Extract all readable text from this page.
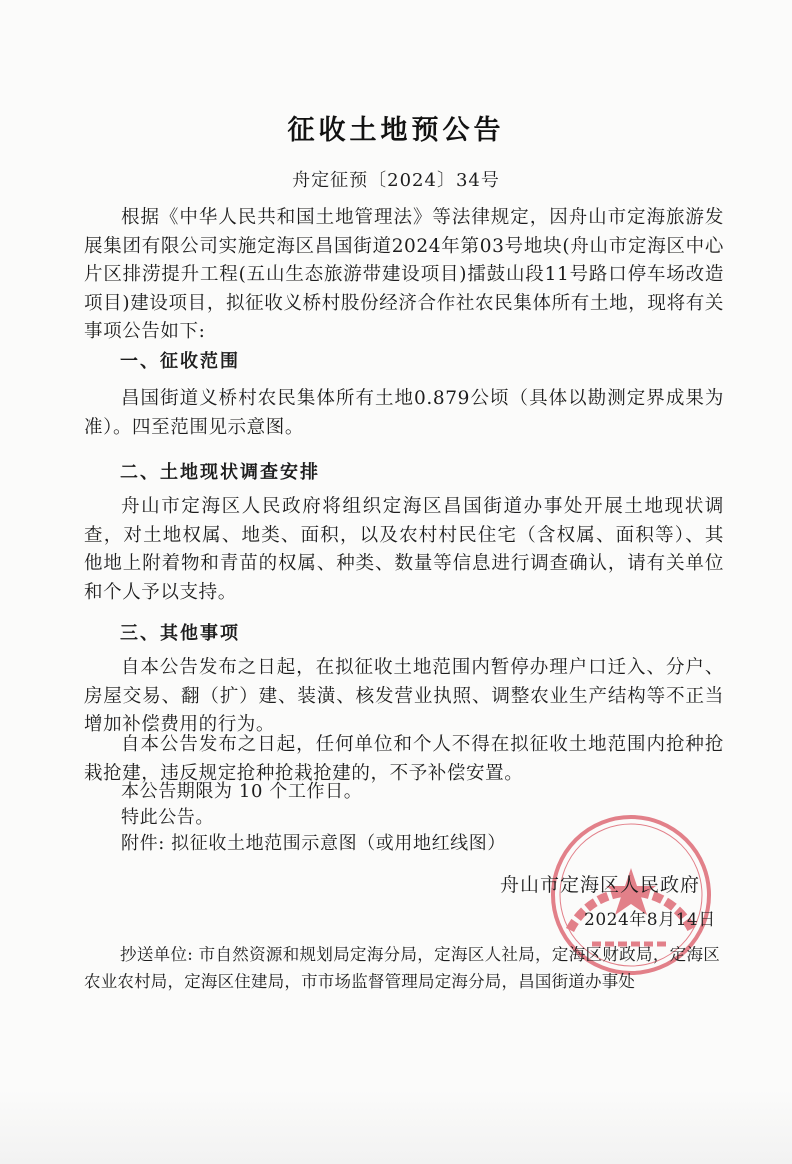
征收土地预公告
舟定征预〔2024〕34号
根据《中华人民共和国土地管理法》等法律规定，因舟山市定海旅游发展集团有限公司实施定海区昌国街道2024年第03号地块(舟山市定海区中心片区排涝提升工程(五山生态旅游带建设项目)擂鼓山段11号路口停车场改造项目)建设项目，拟征收义桥村股份经济合作社农民集体所有土地，现将有关事项公告如下:
一、征收范围
昌国街道义桥村农民集体所有土地0.879公顷（具体以勘测定界成果为准）。四至范围见示意图。
二、土地现状调查安排
舟山市定海区人民政府将组织定海区昌国街道办事处开展土地现状调查，对土地权属、地类、面积，以及农村村民住宅（含权属、面积等）、其他地上附着物和青苗的权属、种类、数量等信息进行调查确认，请有关单位和个人予以支持。
三、其他事项
自本公告发布之日起，在拟征收土地范围内暂停办理户口迁入、分户、房屋交易、翻（扩）建、装潢、核发营业执照、调整农业生产结构等不正当增加补偿费用的行为。
自本公告发布之日起，任何单位和个人不得在拟征收土地范围内抢种抢栽抢建，违反规定抢种抢栽抢建的，不予补偿安置。
本公告期限为 10 个工作日。
特此公告。
附件: 拟征收土地范围示意图（或用地红线图）
舟山市定海区人民政府
2024年8月14日
抄送单位: 市自然资源和规划局定海分局，定海区人社局，定海区财政局，定海区农业农村局，定海区住建局，市市场监督管理局定海分局，昌国街道办事处
